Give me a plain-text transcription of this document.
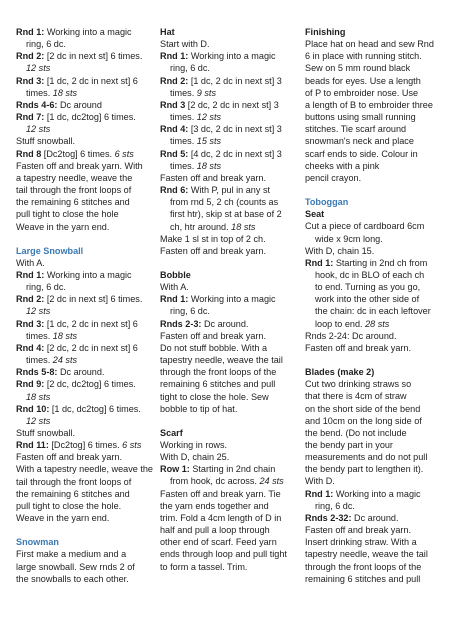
Rnd 1: Working into a magic
ring, 6 dc.
Rnd 2: [2 dc in next st] 6 times.
12 sts
Rnd 3: [1 dc, 2 dc in next st] 6
times. 18 sts
Rnds 4-6: Dc around
Rnd 7: [1 dc, dc2tog] 6 times.
12 sts
Stuff snowball.
Rnd 8 [Dc2tog] 6 times. 6 sts
Fasten off and break yarn. With
a tapestry needle, weave the
tail through the front loops of
the remaining 6 stitches and
pull tight to close the hole
Weave in the yarn end.
Large Snowball
With A.
Rnd 1: Working into a magic
ring, 6 dc.
Rnd 2: [2 dc in next st] 6 times.
12 sts
Rnd 3: [1 dc, 2 dc in next st] 6
times. 18 sts
Rnd 4: [2 dc, 2 dc in next st] 6
times. 24 sts
Rnds 5-8: Dc around.
Rnd 9: [2 dc, dc2tog] 6 times.
18 sts
Rnd 10: [1 dc, dc2tog] 6 times.
12 sts
Stuff snowball.
Rnd 11: [Dc2tog] 6 times. 6 sts
Fasten off and break yarn.
With a tapestry needle, weave the
tail through the front loops of
the remaining 6 stitches and
pull tight to close the hole.
Weave in the yarn end.
Snowman
First make a medium and a
large snowball. Sew rnds 2 of
the snowballs to each other.
Hat
Start with D.
Rnd 1: Working into a magic
ring, 6 dc.
Rnd 2: [1 dc, 2 dc in next st] 3
times. 9 sts
Rnd 3 [2 dc, 2 dc in next st] 3
times. 12 sts
Rnd 4: [3 dc, 2 dc in next st] 3
times. 15 sts
Rnd 5: [4 dc, 2 dc in next st] 3
times. 18 sts
Fasten off and break yarn.
Rnd 6: With P, pul in any st
from rnd 5, 2 ch (counts as
first htr), skip st at base of 2
ch, htr around. 18 sts
Make 1 sl st in top of 2 ch.
Fasten off and break yarn.
Bobble
With A.
Rnd 1: Working into a magic
ring, 6 dc.
Rnds 2-3: Dc around.
Fasten off and break yarn.
Do not stuff bobble. With a
tapestry needle, weave the tail
through the front loops of the
remaining 6 stitches and pull
tight to close the hole. Sew
bobble to tip of hat.
Scarf
Working in rows.
With D, chain 25.
Row 1: Starting in 2nd chain
from hook, dc across. 24 sts
Fasten off and break yarn. Tie
the yarn ends together and
trim. Fold a 4cm length of D in
half and pull a loop through
other end of scarf. Feed yarn
ends through loop and pull tight
to form a tassel. Trim.
Finishing
Place hat on head and sew Rnd
6 in place with running stitch.
Sew on 5 mm round black
beads for eyes. Use a length
of P to embroider nose. Use
a length of B to embroider three
buttons using small running
stitches. Tie scarf around
snowman's neck and place
scarf ends to side. Colour in
cheeks with a pink
pencil crayon.
Toboggan
Seat
Cut a piece of cardboard 6cm
wide x 9cm long.
With D, chain 15.
Rnd 1: Starting in 2nd ch from
hook, dc in BLO of each ch
to end. Turning as you go,
work into the other side of
the chain: dc in each leftover
loop to end. 28 sts
Rnds 2-24: Dc around.
Fasten off and break yarn.
Blades (make 2)
Cut two drinking straws so
that there is 4cm of straw
on the short side of the bend
and 10cm on the long side of
the bend. (Do not include
the bendy part in your
measurements and do not pull
the bendy part to lengthen it).
With D.
Rnd 1: Working into a magic
ring, 6 dc.
Rnds 2-32: Dc around.
Fasten off and break yarn.
Insert drinking straw. With a
tapestry needle, weave the tail
through the front loops of the
remaining 6 stitches and pull
